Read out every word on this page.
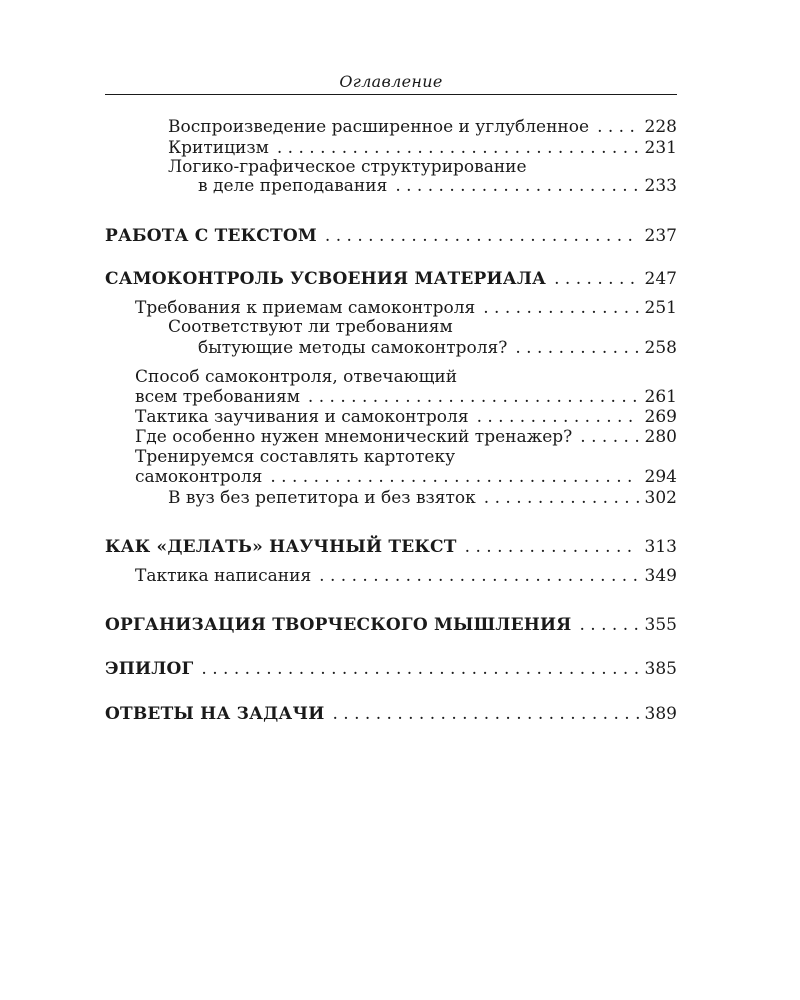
Оглавление
Воспроизведение расширенное и углубленное . . .	228
Критицизм . . .	231
Логико-графическое структурирование
в деле преподавания . . .	233
РАБОТА С ТЕКСТОМ . . .	237
САМОКОНТРОЛЬ УСВОЕНИЯ МАТЕРИАЛА . . .	247
Требования к приемам самоконтроля . . .	251
Соответствуют ли требованиям
бытующие методы самоконтроля? . . .	258
Способ самоконтроля, отвечающий
всем требованиям . . .	261
Тактика заучивания и самоконтроля . . .	269
Где особенно нужен мнемонический тренажер? . . .	280
Тренируемся составлять картотеку
самоконтроля . . .	294
В вуз без репетитора и без взяток . . .	302
КАК «ДЕЛАТЬ» НАУЧНЫЙ ТЕКСТ . . .	313
Тактика написания . . .	349
ОРГАНИЗАЦИЯ ТВОРЧЕСКОГО МЫШЛЕНИЯ . . .	355
ЭПИЛОГ . . .	385
ОТВЕТЫ НА ЗАДАЧИ . . .	389
